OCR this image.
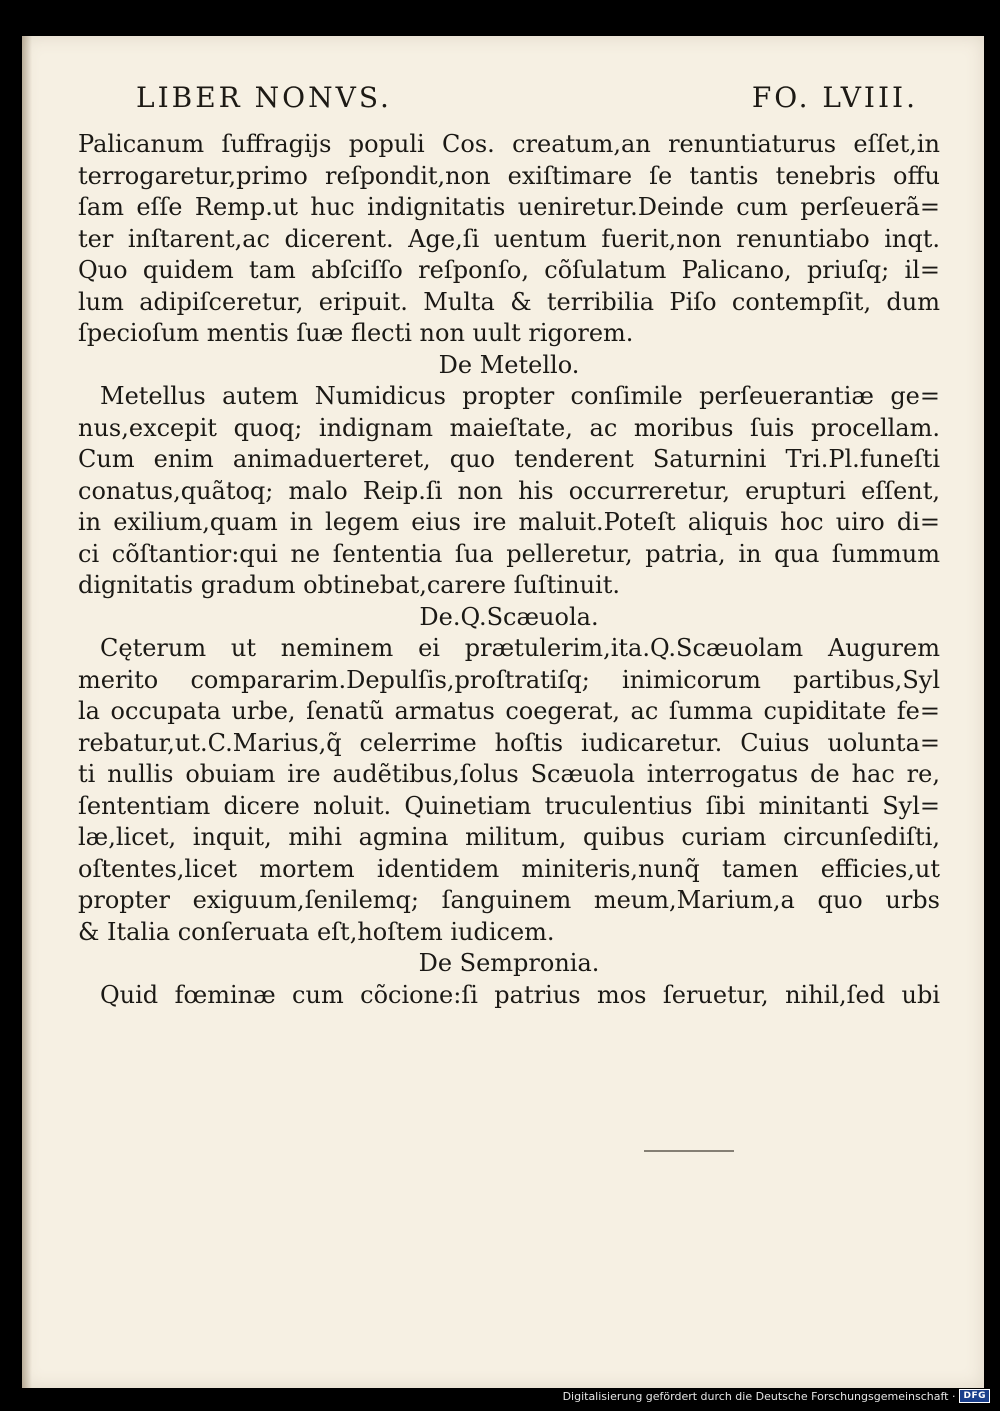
LIBER NONVS.	FO. LVIII.
Palicanum ſuffragijs populi Cos. creatum,an renuntiaturus eſſet,in
terrogaretur,primo reſpondit,non exiſtimare ſe tantis tenebris offu
ſam eſſe Remp.ut huc indignitatis ueniretur.Deinde cum perſeuerã=
ter inſtarent,ac dicerent. Age,ſi uentum fuerit,non renuntiabo inqt.
Quo quidem tam abſciſſo reſponſo, cõſulatum Palicano, priuſq; il=
lum adipiſceretur, eripuit. Multa & terribilia Piſo contempſit, dum
ſpecioſum mentis ſuæ flecti non uult rigorem.
De Metello.
Metellus autem Numidicus propter conſimile perſeuerantiæ ge=
nus,excepit quoq; indignam maieſtate, ac moribus ſuis procellam.
Cum enim animaduerteret, quo tenderent Saturnini Tri.Pl.funeſti
conatus,quãtoq; malo Reip.ſi non his occurreretur, erupturi eſſent,
in exilium,quam in legem eius ire maluit.Poteſt aliquis hoc uiro di=
ci cõſtantior:qui ne ſententia ſua pelleretur, patria, in qua ſummum
dignitatis gradum obtinebat,carere ſuſtinuit.
De.Q.Scæuola.
Cęterum ut neminem ei prætulerim,ita.Q.Scæuolam Augurem
merito compararim.Depulſis,proſtratiſq; inimicorum partibus,Syl
la occupata urbe, ſenatũ armatus coegerat, ac ſumma cupiditate fe=
rebatur,ut.C.Marius,q̃ celerrime hoſtis iudicaretur. Cuius uolunta=
ti nullis obuiam ire audẽtibus,ſolus Scæuola interrogatus de hac re,
ſententiam dicere noluit. Quinetiam truculentius ſibi minitanti Syl=
læ,licet, inquit, mihi agmina militum, quibus curiam circunſediſti,
oſtentes,licet mortem identidem miniteris,nunq̃ tamen efficies,ut
propter exiguum,ſenilemq; ſanguinem meum,Marium,a quo urbs
& Italia conſeruata eſt,hoſtem iudicem.
De Sempronia.
Quid fœminæ cum cõcione:ſi patrius mos ſeruetur, nihil,ſed ubi
Digitalisierung gefördert durch die Deutsche Forschungsgemeinschaft · DFG
